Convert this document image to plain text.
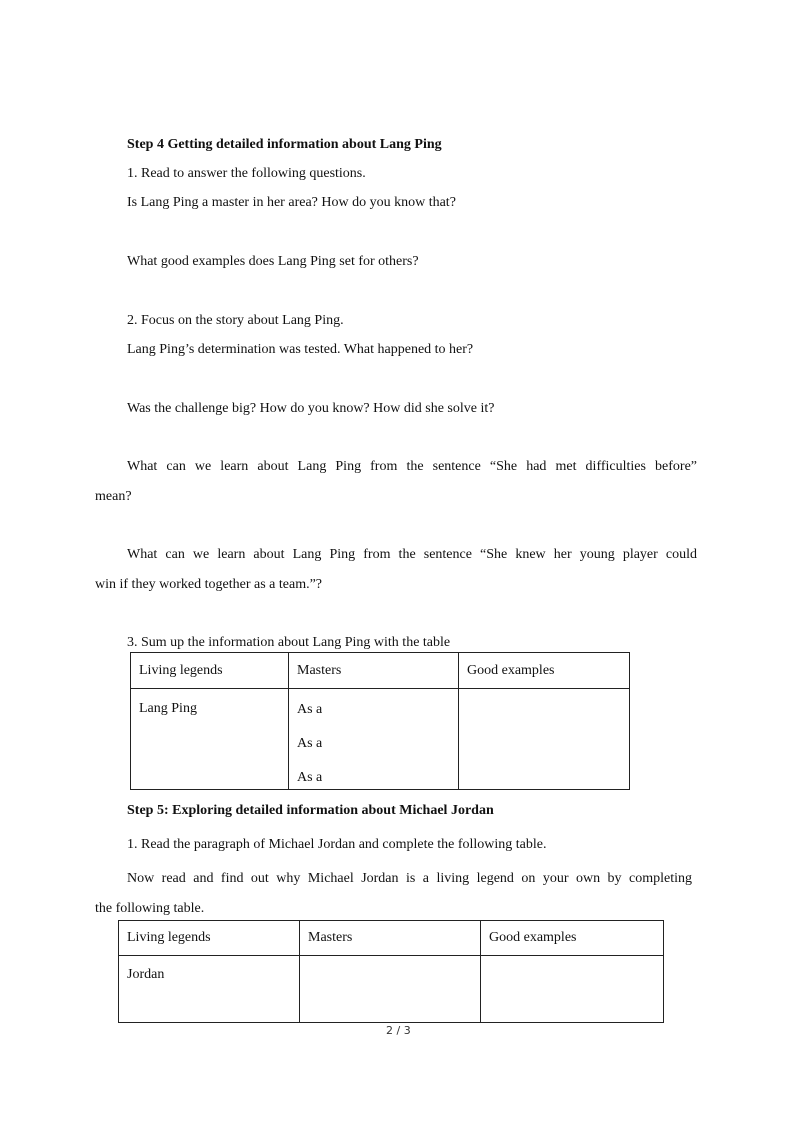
Step 4 Getting detailed information about Lang Ping
1. Read to answer the following questions.
Is Lang Ping a master in her area? How do you know that?
What good examples does Lang Ping set for others?
2. Focus on the story about Lang Ping.
Lang Ping’s determination was tested. What happened to her?
Was the challenge big? How do you know? How did she solve it?
What can we learn about Lang Ping from the sentence “She had met difficulties before”
mean?
What can we learn about Lang Ping from the sentence “She knew her young player could
win if they worked together as a team.”?
3. Sum up the information about Lang Ping with the table
Living legends	Masters	Good examples
Lang Ping	As a
As a
As a	

Step 5: Exploring detailed information about Michael Jordan
1. Read the paragraph of Michael Jordan and complete the following table.
Now read and find out why Michael Jordan is a living legend on your own by completing
the following table.
Living legends	Masters	Good examples
Jordan		
2 / 3
